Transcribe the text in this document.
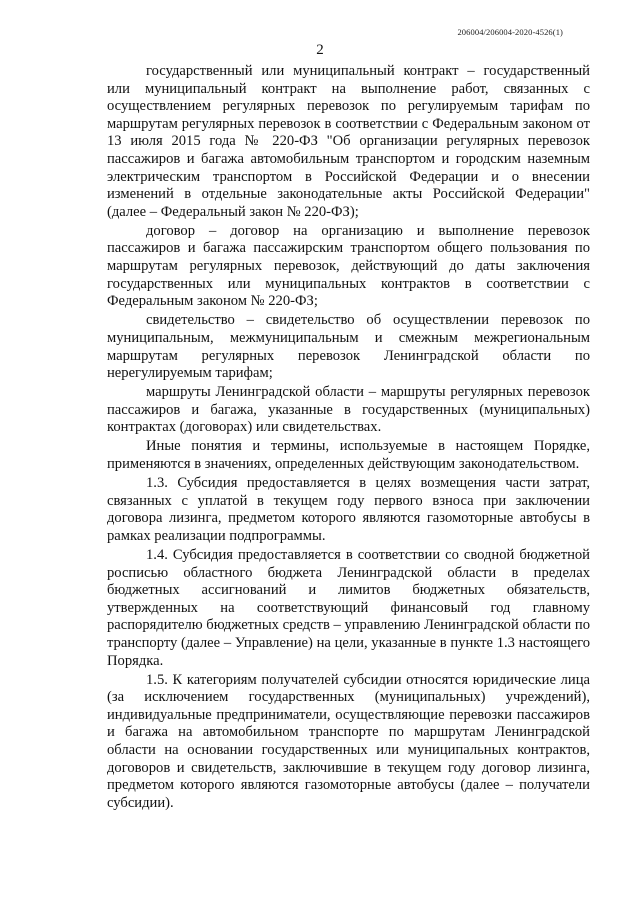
206004/206004-2020-4526(1)
2

государственный или муниципальный контракт – государственный или муниципальный контракт на выполнение работ, связанных с осуществлением регулярных перевозок по регулируемым тарифам по маршрутам регулярных перевозок в соответствии с Федеральным законом от 13 июля 2015 года № 220-ФЗ "Об организации регулярных перевозок пассажиров и багажа автомобильным транспортом и городским наземным электрическим транспортом в Российской Федерации и о внесении изменений в отдельные законодательные акты Российской Федерации" (далее – Федеральный закон № 220-ФЗ);

договор – договор на организацию и выполнение перевозок пассажиров и багажа пассажирским транспортом общего пользования по маршрутам регулярных перевозок, действующий до даты заключения государственных или муниципальных контрактов в соответствии с Федеральным законом № 220-ФЗ;

свидетельство – свидетельство об осуществлении перевозок по муниципальным, межмуниципальным и смежным межрегиональным маршрутам регулярных перевозок Ленинградской области по нерегулируемым тарифам;

маршруты Ленинградской области – маршруты регулярных перевозок пассажиров и багажа, указанные в государственных (муниципальных) контрактах (договорах) или свидетельствах.

Иные понятия и термины, используемые в настоящем Порядке, применяются в значениях, определенных действующим законодательством.

1.3. Субсидия предоставляется в целях возмещения части затрат, связанных с уплатой в текущем году первого взноса при заключении договора лизинга, предметом которого являются газомоторные автобусы в рамках реализации подпрограммы.

1.4. Субсидия предоставляется в соответствии со сводной бюджетной росписью областного бюджета Ленинградской области в пределах бюджетных ассигнований и лимитов бюджетных обязательств, утвержденных на соответствующий финансовый год главному распорядителю бюджетных средств – управлению Ленинградской области по транспорту (далее – Управление) на цели, указанные в пункте 1.3 настоящего Порядка.

1.5. К категориям получателей субсидии относятся юридические лица (за исключением государственных (муниципальных) учреждений), индивидуальные предприниматели, осуществляющие перевозки пассажиров и багажа на автомобильном транспорте по маршрутам Ленинградской области на основании государственных или муниципальных контрактов, договоров и свидетельств, заключившие в текущем году договор лизинга, предметом которого являются газомоторные автобусы (далее – получатели субсидии).
